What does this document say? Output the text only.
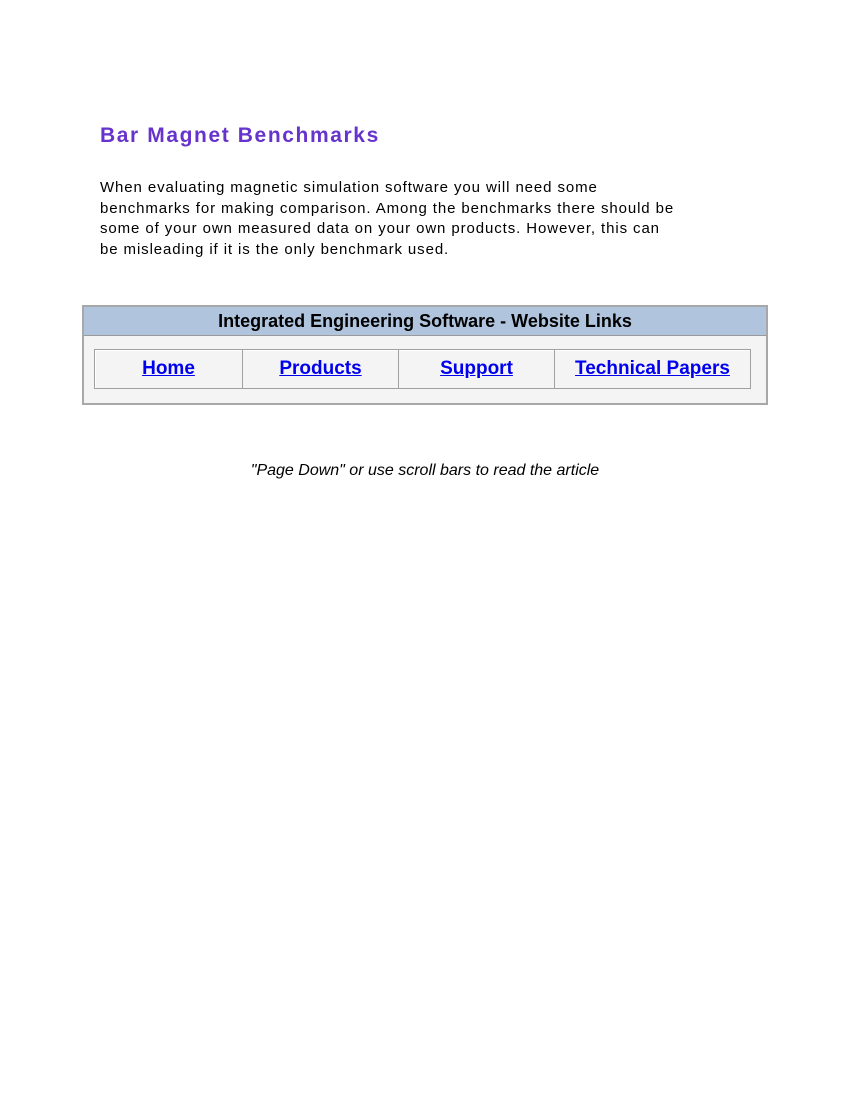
Bar Magnet Benchmarks

When evaluating magnetic simulation software you will need some
benchmarks for making comparison. Among the benchmarks there should be
some of your own measured data on your own products. However, this can
be misleading if it is the only benchmark used.

Integrated Engineering Software - Website Links
Home	Products	Support	Technical Papers

"Page Down" or use scroll bars to read the article
